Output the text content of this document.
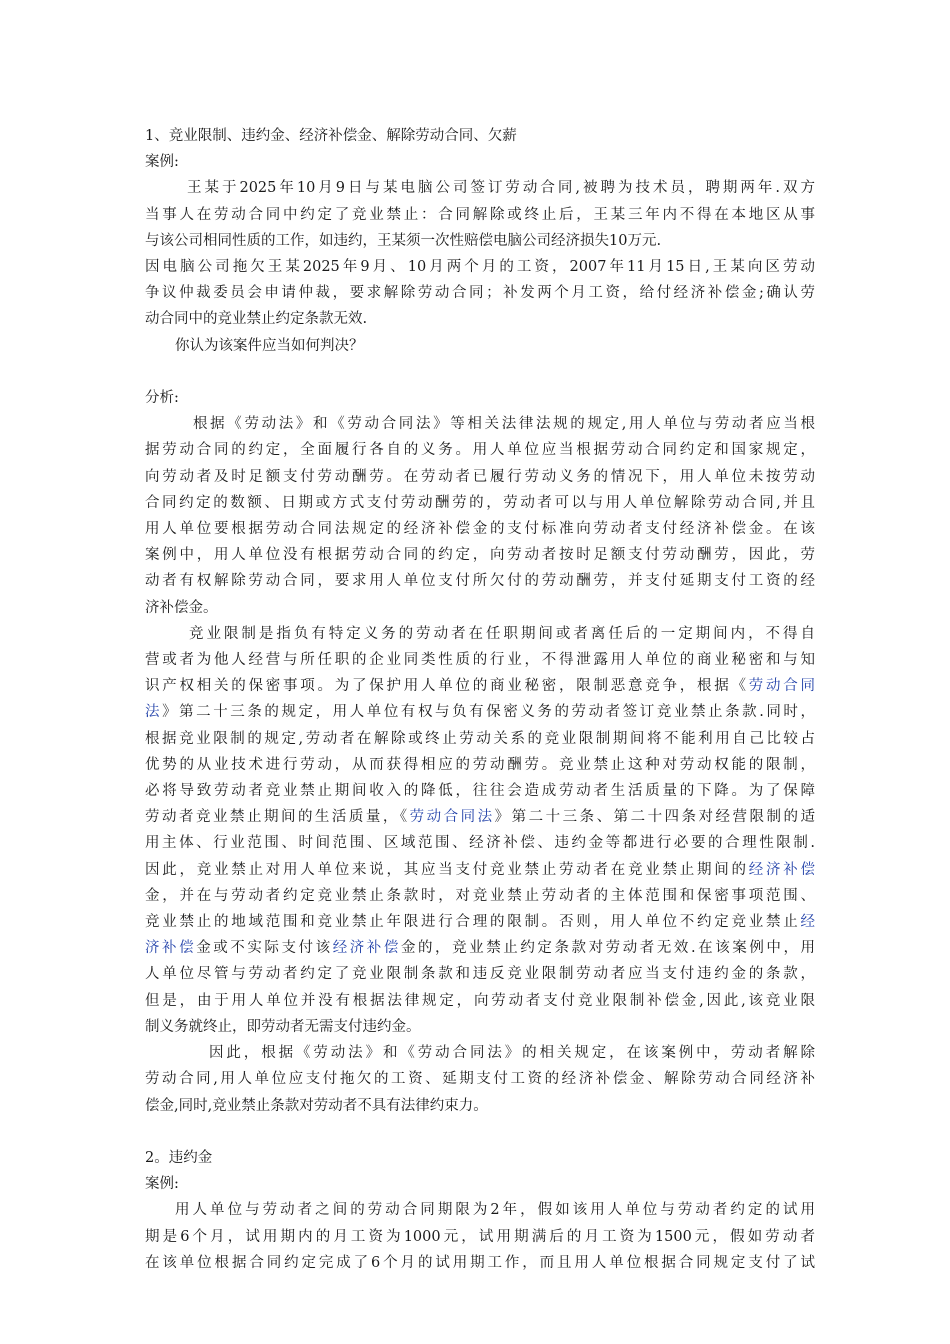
1、竞业限制、违约金、经济补偿金、解除劳动合同、欠薪
案例:
王某于2025年10月9日与某电脑公司签订劳动合同,被聘为技术员，聘期两年.双方
当事人在劳动合同中约定了竞业禁止：合同解除或终止后，王某三年内不得在本地区从事
与该公司相同性质的工作，如违约，王某须一次性赔偿电脑公司经济损失10万元.
因电脑公司拖欠王某2025年9月、10月两个月的工资，2007年11月15日,王某向区劳动
争议仲裁委员会申请仲裁，要求解除劳动合同；补发两个月工资，给付经济补偿金;确认劳
动合同中的竞业禁止约定条款无效.
你认为该案件应当如何判决？
分析:
根据《劳动法》和《劳动合同法》等相关法律法规的规定,用人单位与劳动者应当根
据劳动合同的约定，全面履行各自的义务。用人单位应当根据劳动合同约定和国家规定，
向劳动者及时足额支付劳动酬劳。在劳动者已履行劳动义务的情况下，用人单位未按劳动
合同约定的数额、日期或方式支付劳动酬劳的，劳动者可以与用人单位解除劳动合同,并且
用人单位要根据劳动合同法规定的经济补偿金的支付标准向劳动者支付经济补偿金。在该
案例中，用人单位没有根据劳动合同的约定，向劳动者按时足额支付劳动酬劳，因此，劳
动者有权解除劳动合同，要求用人单位支付所欠付的劳动酬劳，并支付延期支付工资的经
济补偿金。
竞业限制是指负有特定义务的劳动者在任职期间或者离任后的一定期间内，不得自
营或者为他人经营与所任职的企业同类性质的行业，不得泄露用人单位的商业秘密和与知
识产权相关的保密事项。为了保护用人单位的商业秘密，限制恶意竞争，根据《劳动合同
法》第二十三条的规定，用人单位有权与负有保密义务的劳动者签订竞业禁止条款.同时，
根据竞业限制的规定,劳动者在解除或终止劳动关系的竞业限制期间将不能利用自己比较占
优势的从业技术进行劳动，从而获得相应的劳动酬劳。竞业禁止这种对劳动权能的限制，
必将导致劳动者竞业禁止期间收入的降低，往往会造成劳动者生活质量的下降。为了保障
劳动者竞业禁止期间的生活质量，《劳动合同法》第二十三条、第二十四条对经营限制的适
用主体、行业范围、时间范围、区域范围、经济补偿、违约金等都进行必要的合理性限制.
因此，竞业禁止对用人单位来说，其应当支付竞业禁止劳动者在竞业禁止期间的经济补偿
金，并在与劳动者约定竞业禁止条款时，对竞业禁止劳动者的主体范围和保密事项范围、
竞业禁止的地域范围和竞业禁止年限进行合理的限制。否则，用人单位不约定竞业禁止经
济补偿金或不实际支付该经济补偿金的，竞业禁止约定条款对劳动者无效.在该案例中，用
人单位尽管与劳动者约定了竞业限制条款和违反竞业限制劳动者应当支付违约金的条款，
但是，由于用人单位并没有根据法律规定，向劳动者支付竞业限制补偿金,因此,该竞业限
制义务就终止，即劳动者无需支付违约金。
因此，根据《劳动法》和《劳动合同法》的相关规定，在该案例中，劳动者解除
劳动合同,用人单位应支付拖欠的工资、延期支付工资的经济补偿金、解除劳动合同经济补
偿金,同时,竞业禁止条款对劳动者不具有法律约束力。
2。违约金
案例:
用人单位与劳动者之间的劳动合同期限为2年，假如该用人单位与劳动者约定的试用
期是6个月，试用期内的月工资为1000元，试用期满后的月工资为1500元，假如劳动者
在该单位根据合同约定完成了6个月的试用期工作，而且用人单位根据合同规定支付了试
